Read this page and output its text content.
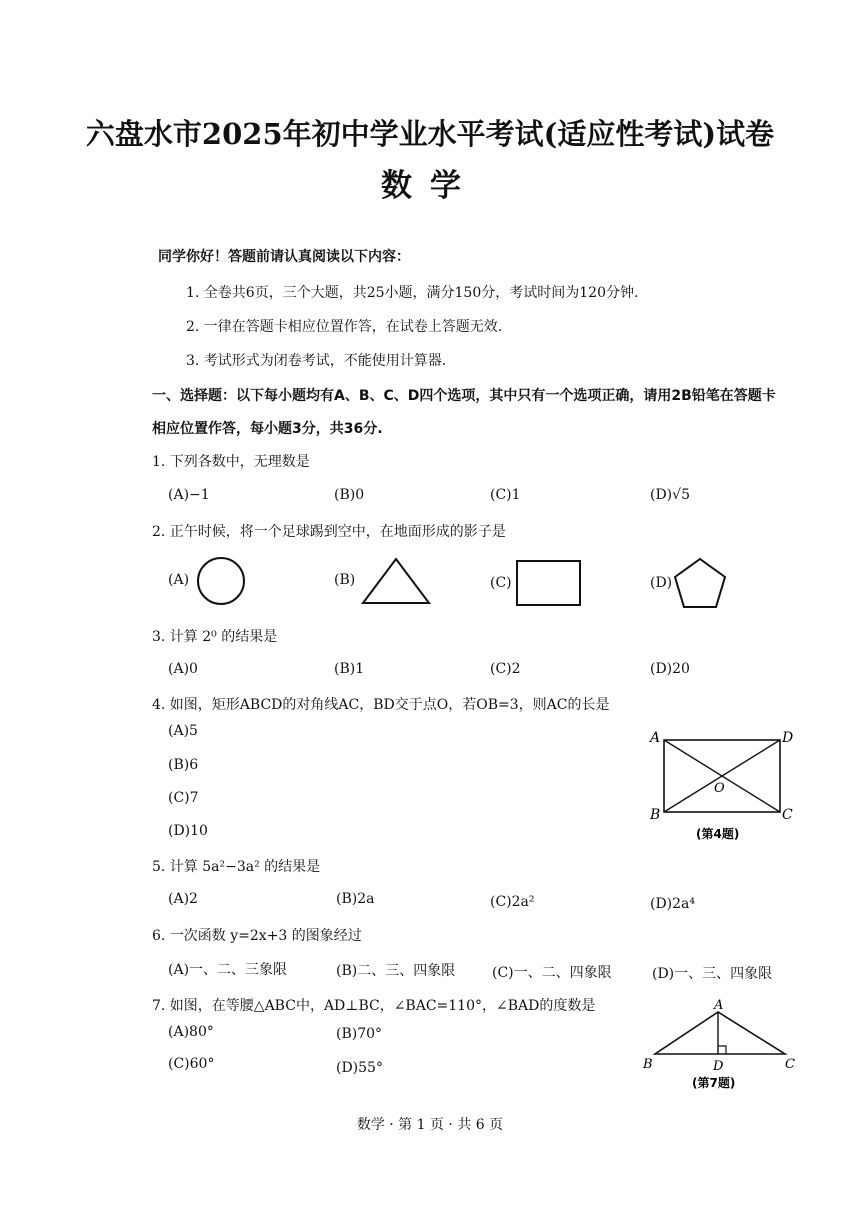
六盘水市2025年初中学业水平考试(适应性考试)试卷
数学
同学你好！答题前请认真阅读以下内容：
1. 全卷共6页，三个大题，共25小题，满分150分，考试时间为120分钟.
2. 一律在答题卡相应位置作答，在试卷上答题无效.
3. 考试形式为闭卷考试，不能使用计算器.
一、选择题：以下每小题均有A、B、C、D四个选项，其中只有一个选项正确，请用2B铅笔在答题卡
相应位置作答，每小题3分，共36分.
1. 下列各数中，无理数是
(A)−1	(B)0	(C)1	(D)√5
2. 正午时候，将一个足球踢到空中，在地面形成的影子是
(A)	(B)	(C)	(D)
3. 计算 2⁰ 的结果是
(A)0	(B)1	(C)2	(D)20
4. 如图，矩形ABCD的对角线AC，BD交于点O，若OB=3，则AC的长是
(A)5
(B)6
(C)7
(D)10
A	D
O
B	C
(第4题)
5. 计算 5a²−3a² 的结果是
(A)2	(B)2a	(C)2a²	(D)2a⁴
6. 一次函数 y=2x+3 的图象经过
(A)一、二、三象限	(B)二、三、四象限	(C)一、二、四象限	(D)一、三、四象限
7. 如图，在等腰△ABC中，AD⊥BC，∠BAC=110°，∠BAD的度数是
(A)80°	(B)70°
(C)60°	(D)55°
A
B	D	C
(第7题)
数学 · 第 1 页 · 共 6 页
